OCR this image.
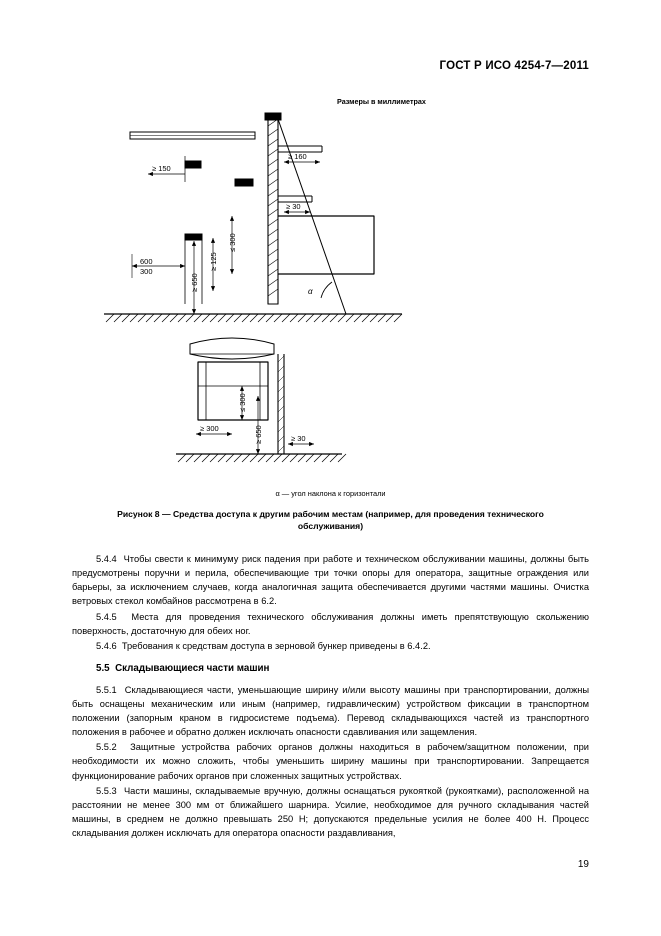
ГОСТ Р ИСО 4254-7—2011
Размеры в миллиметрах
≥ 150
≥ 160
≥ 30
≤ 300
≥ 125
≥ 650
600
300
α
≥ 30
≤ 300
≥ 650
≥ 300
α — угол наклона к горизонтали
Рисунок 8 — Средства доступа к другим рабочим местам (например, для проведения технического
обслуживания)

5.4.4 Чтобы свести к минимуму риск падения при работе и техническом обслуживании машины, должны быть предусмотрены поручни и перила, обеспечивающие три точки опоры для оператора, защитные ограждения или барьеры, за исключением случаев, когда аналогичная защита обеспечивается другими частями машины. Очистка ветровых стекол комбайнов рассмотрена в 6.2.

5.4.5 Места для проведения технического обслуживания должны иметь препятствующую скольжению поверхность, достаточную для обеих ног.

5.4.6 Требования к средствам доступа в зерновой бункер приведены в 6.4.2.

5.5 Складывающиеся части машин

5.5.1 Складывающиеся части, уменьшающие ширину и/или высоту машины при транспортировании, должны быть оснащены механическим или иным (например, гидравлическим) устройством фиксации в транспортном положении (запорным краном в гидросистеме подъема). Перевод складывающихся частей из транспортного положения в рабочее и обратно должен исключать опасности сдавливания или защемления.

5.5.2 Защитные устройства рабочих органов должны находиться в рабочем/защитном положении, при необходимости их можно сложить, чтобы уменьшить ширину машины при транспортировании. Запрещается функционирование рабочих органов при сложенных защитных устройствах.

5.5.3 Части машины, складываемые вручную, должны оснащаться рукояткой (рукоятками), расположенной на расстоянии не менее 300 мм от ближайшего шарнира. Усилие, необходимое для ручного складывания частей машины, в среднем не должно превышать 250 Н; допускаются предельные усилия не более 400 Н. Процесс складывания должен исключать для оператора опасности раздавливания,

19
